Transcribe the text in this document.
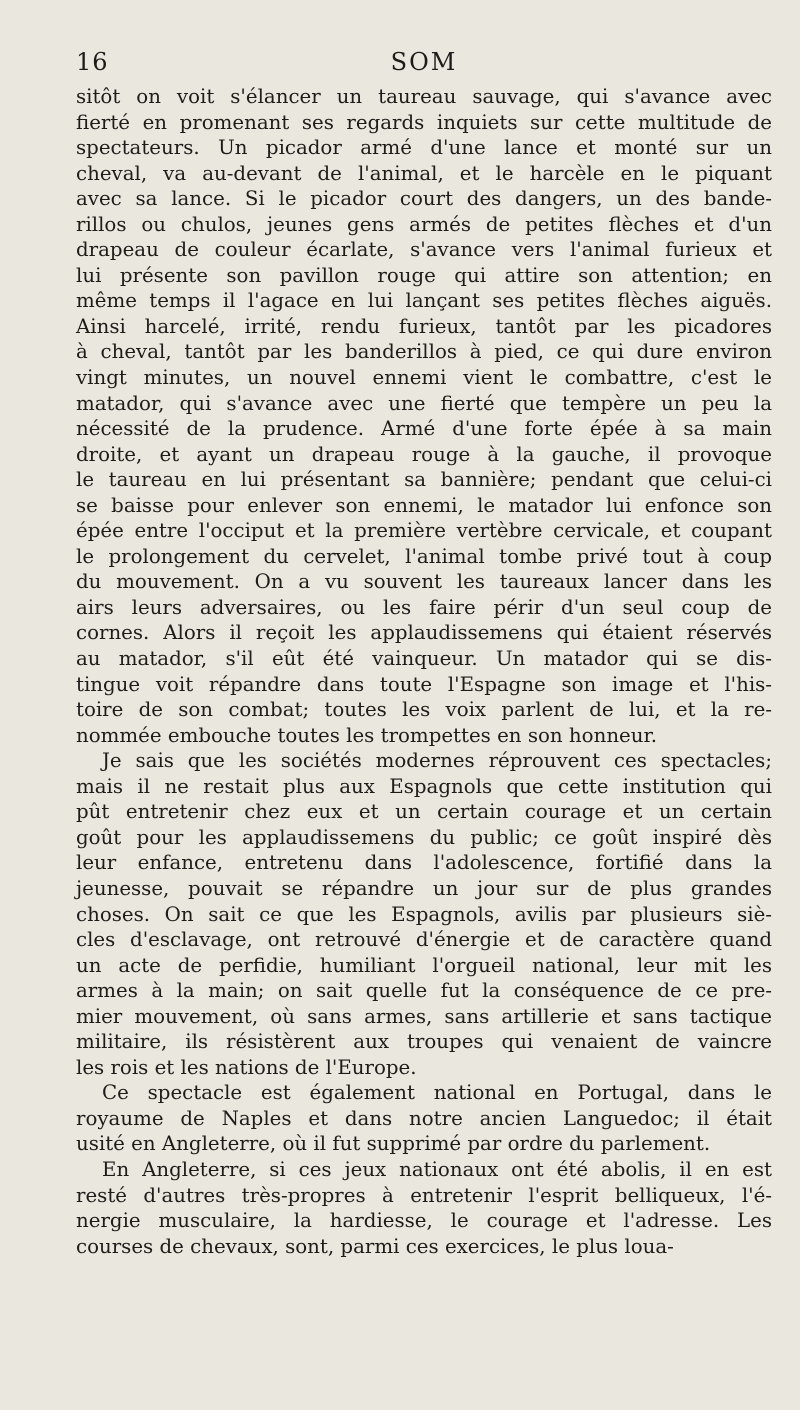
16	SOM
sitôt on voit s'élancer un taureau sauvage, qui s'avance avec
fierté en promenant ses regards inquiets sur cette multitude de
spectateurs. Un picador armé d'une lance et monté sur un
cheval, va au-devant de l'animal, et le harcèle en le piquant
avec sa lance. Si le picador court des dangers, un des bande-
rillos ou chulos, jeunes gens armés de petites flèches et d'un
drapeau de couleur écarlate, s'avance vers l'animal furieux et
lui présente son pavillon rouge qui attire son attention; en
même temps il l'agace en lui lançant ses petites flèches aiguës.
Ainsi harcelé, irrité, rendu furieux, tantôt par les picadores
à cheval, tantôt par les banderillos à pied, ce qui dure environ
vingt minutes, un nouvel ennemi vient le combattre, c'est le
matador, qui s'avance avec une fierté que tempère un peu la
nécessité de la prudence. Armé d'une forte épée à sa main
droite, et ayant un drapeau rouge à la gauche, il provoque
le taureau en lui présentant sa bannière; pendant que celui-ci
se baisse pour enlever son ennemi, le matador lui enfonce son
épée entre l'occiput et la première vertèbre cervicale, et coupant
le prolongement du cervelet, l'animal tombe privé tout à coup
du mouvement. On a vu souvent les taureaux lancer dans les
airs leurs adversaires, ou les faire périr d'un seul coup de
cornes. Alors il reçoit les applaudissemens qui étaient réservés
au matador, s'il eût été vainqueur. Un matador qui se dis-
tingue voit répandre dans toute l'Espagne son image et l'his-
toire de son combat; toutes les voix parlent de lui, et la re-
nommée embouche toutes les trompettes en son honneur.
Je sais que les sociétés modernes réprouvent ces spectacles;
mais il ne restait plus aux Espagnols que cette institution qui
pût entretenir chez eux et un certain courage et un certain
goût pour les applaudissemens du public; ce goût inspiré dès
leur enfance, entretenu dans l'adolescence, fortifié dans la
jeunesse, pouvait se répandre un jour sur de plus grandes
choses. On sait ce que les Espagnols, avilis par plusieurs siè-
cles d'esclavage, ont retrouvé d'énergie et de caractère quand
un acte de perfidie, humiliant l'orgueil national, leur mit les
armes à la main; on sait quelle fut la conséquence de ce pre-
mier mouvement, où sans armes, sans artillerie et sans tactique
militaire, ils résistèrent aux troupes qui venaient de vaincre
les rois et les nations de l'Europe.
Ce spectacle est également national en Portugal, dans le
royaume de Naples et dans notre ancien Languedoc; il était
usité en Angleterre, où il fut supprimé par ordre du parlement.
En Angleterre, si ces jeux nationaux ont été abolis, il en est
resté d'autres très-propres à entretenir l'esprit belliqueux, l'é-
nergie musculaire, la hardiesse, le courage et l'adresse. Les
courses de chevaux, sont, parmi ces exercices, le plus loua-
